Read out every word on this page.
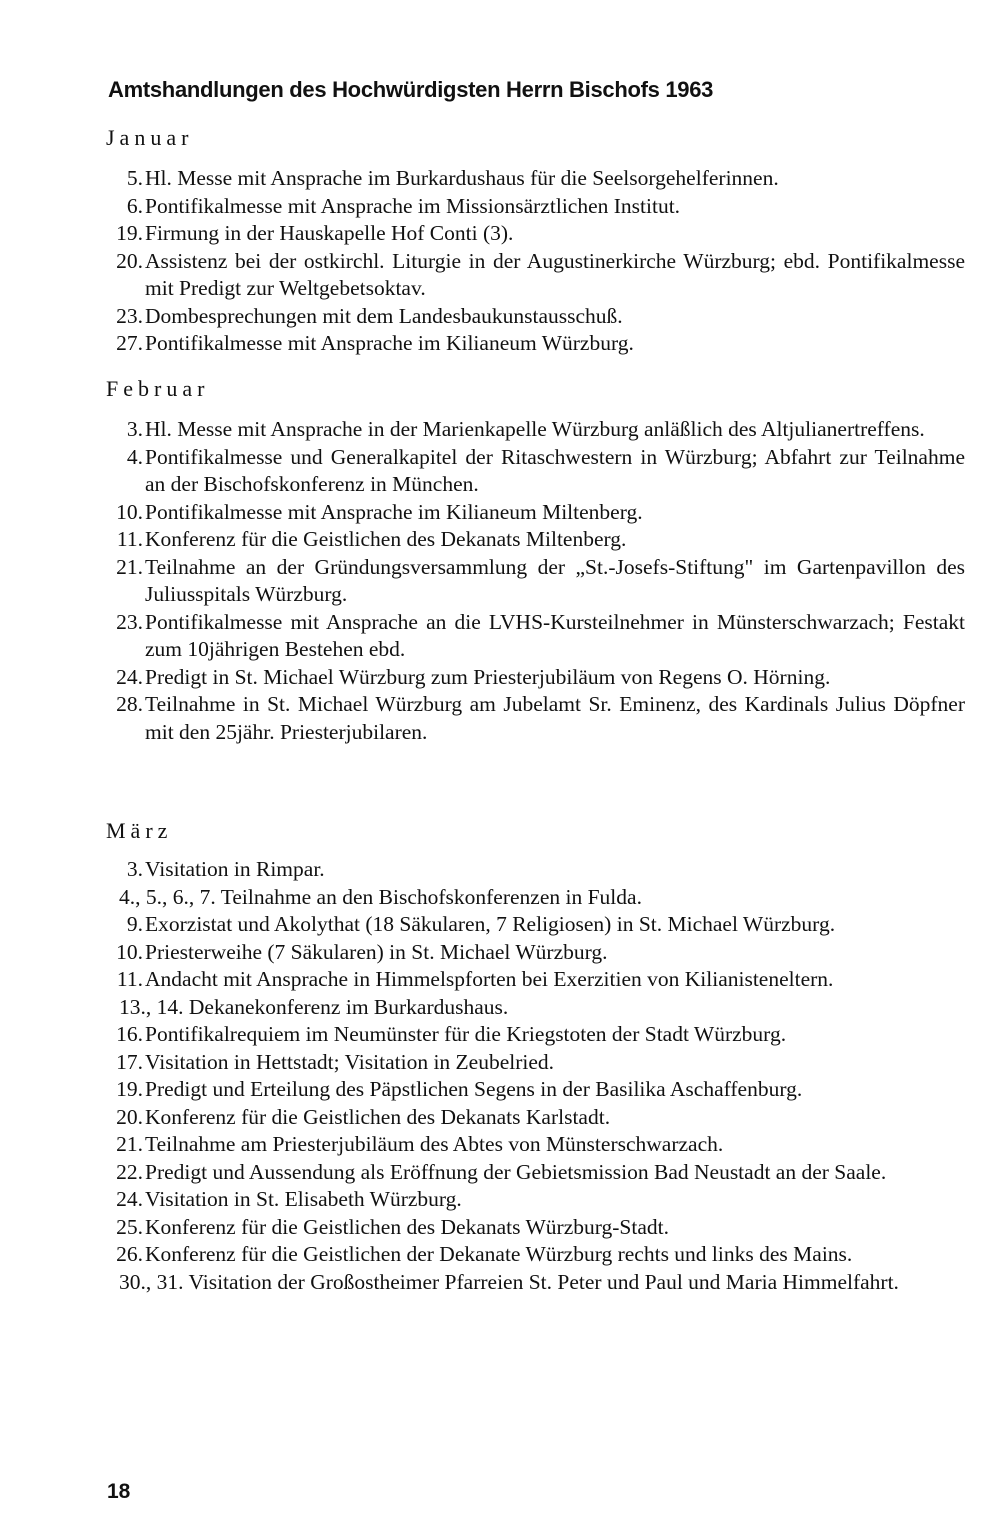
Amtshandlungen des Hochwürdigsten Herrn Bischofs 1963
Januar
5. Hl. Messe mit Ansprache im Burkardushaus für die Seelsorgehelferinnen.
6. Pontifikalmesse mit Ansprache im Missionsärztlichen Institut.
19. Firmung in der Hauskapelle Hof Conti (3).
20. Assistenz bei der ostkirchl. Liturgie in der Augustinerkirche Würzburg; ebd. Pontifikalmesse mit Predigt zur Weltgebetsoktav.
23. Dombesprechungen mit dem Landesbaukunstausschuß.
27. Pontifikalmesse mit Ansprache im Kilianeum Würzburg.
Februar
3. Hl. Messe mit Ansprache in der Marienkapelle Würzburg anläßlich des Altjulianertreffens.
4. Pontifikalmesse und Generalkapitel der Ritaschwestern in Würzburg; Abfahrt zur Teilnahme an der Bischofskonferenz in München.
10. Pontifikalmesse mit Ansprache im Kilianeum Miltenberg.
11. Konferenz für die Geistlichen des Dekanats Miltenberg.
21. Teilnahme an der Gründungsversammlung der „St.-Josefs-Stiftung" im Gartenpavillon des Juliusspitals Würzburg.
23. Pontifikalmesse mit Ansprache an die LVHS-Kursteilnehmer in Münsterschwarzach; Festakt zum 10jährigen Bestehen ebd.
24. Predigt in St. Michael Würzburg zum Priesterjubiläum von Regens O. Hörning.
28. Teilnahme in St. Michael Würzburg am Jubelamt Sr. Eminenz, des Kardinals Julius Döpfner mit den 25jähr. Priesterjubilaren.
März
3. Visitation in Rimpar.
4., 5., 6., 7. Teilnahme an den Bischofskonferenzen in Fulda.
9. Exorzistat und Akolythat (18 Säkularen, 7 Religiosen) in St. Michael Würzburg.
10. Priesterweihe (7 Säkularen) in St. Michael Würzburg.
11. Andacht mit Ansprache in Himmelspforten bei Exerzitien von Kilianisteneltern.
13., 14. Dekanekonferenz im Burkardushaus.
16. Pontifikalrequiem im Neumünster für die Kriegstoten der Stadt Würzburg.
17. Visitation in Hettstadt; Visitation in Zeubelried.
19. Predigt und Erteilung des Päpstlichen Segens in der Basilika Aschaffenburg.
20. Konferenz für die Geistlichen des Dekanats Karlstadt.
21. Teilnahme am Priesterjubiläum des Abtes von Münsterschwarzach.
22. Predigt und Aussendung als Eröffnung der Gebietsmission Bad Neustadt an der Saale.
24. Visitation in St. Elisabeth Würzburg.
25. Konferenz für die Geistlichen des Dekanats Würzburg-Stadt.
26. Konferenz für die Geistlichen der Dekanate Würzburg rechts und links des Mains.
30., 31. Visitation der Großostheimer Pfarreien St. Peter und Paul und Maria Himmelfahrt.
18
